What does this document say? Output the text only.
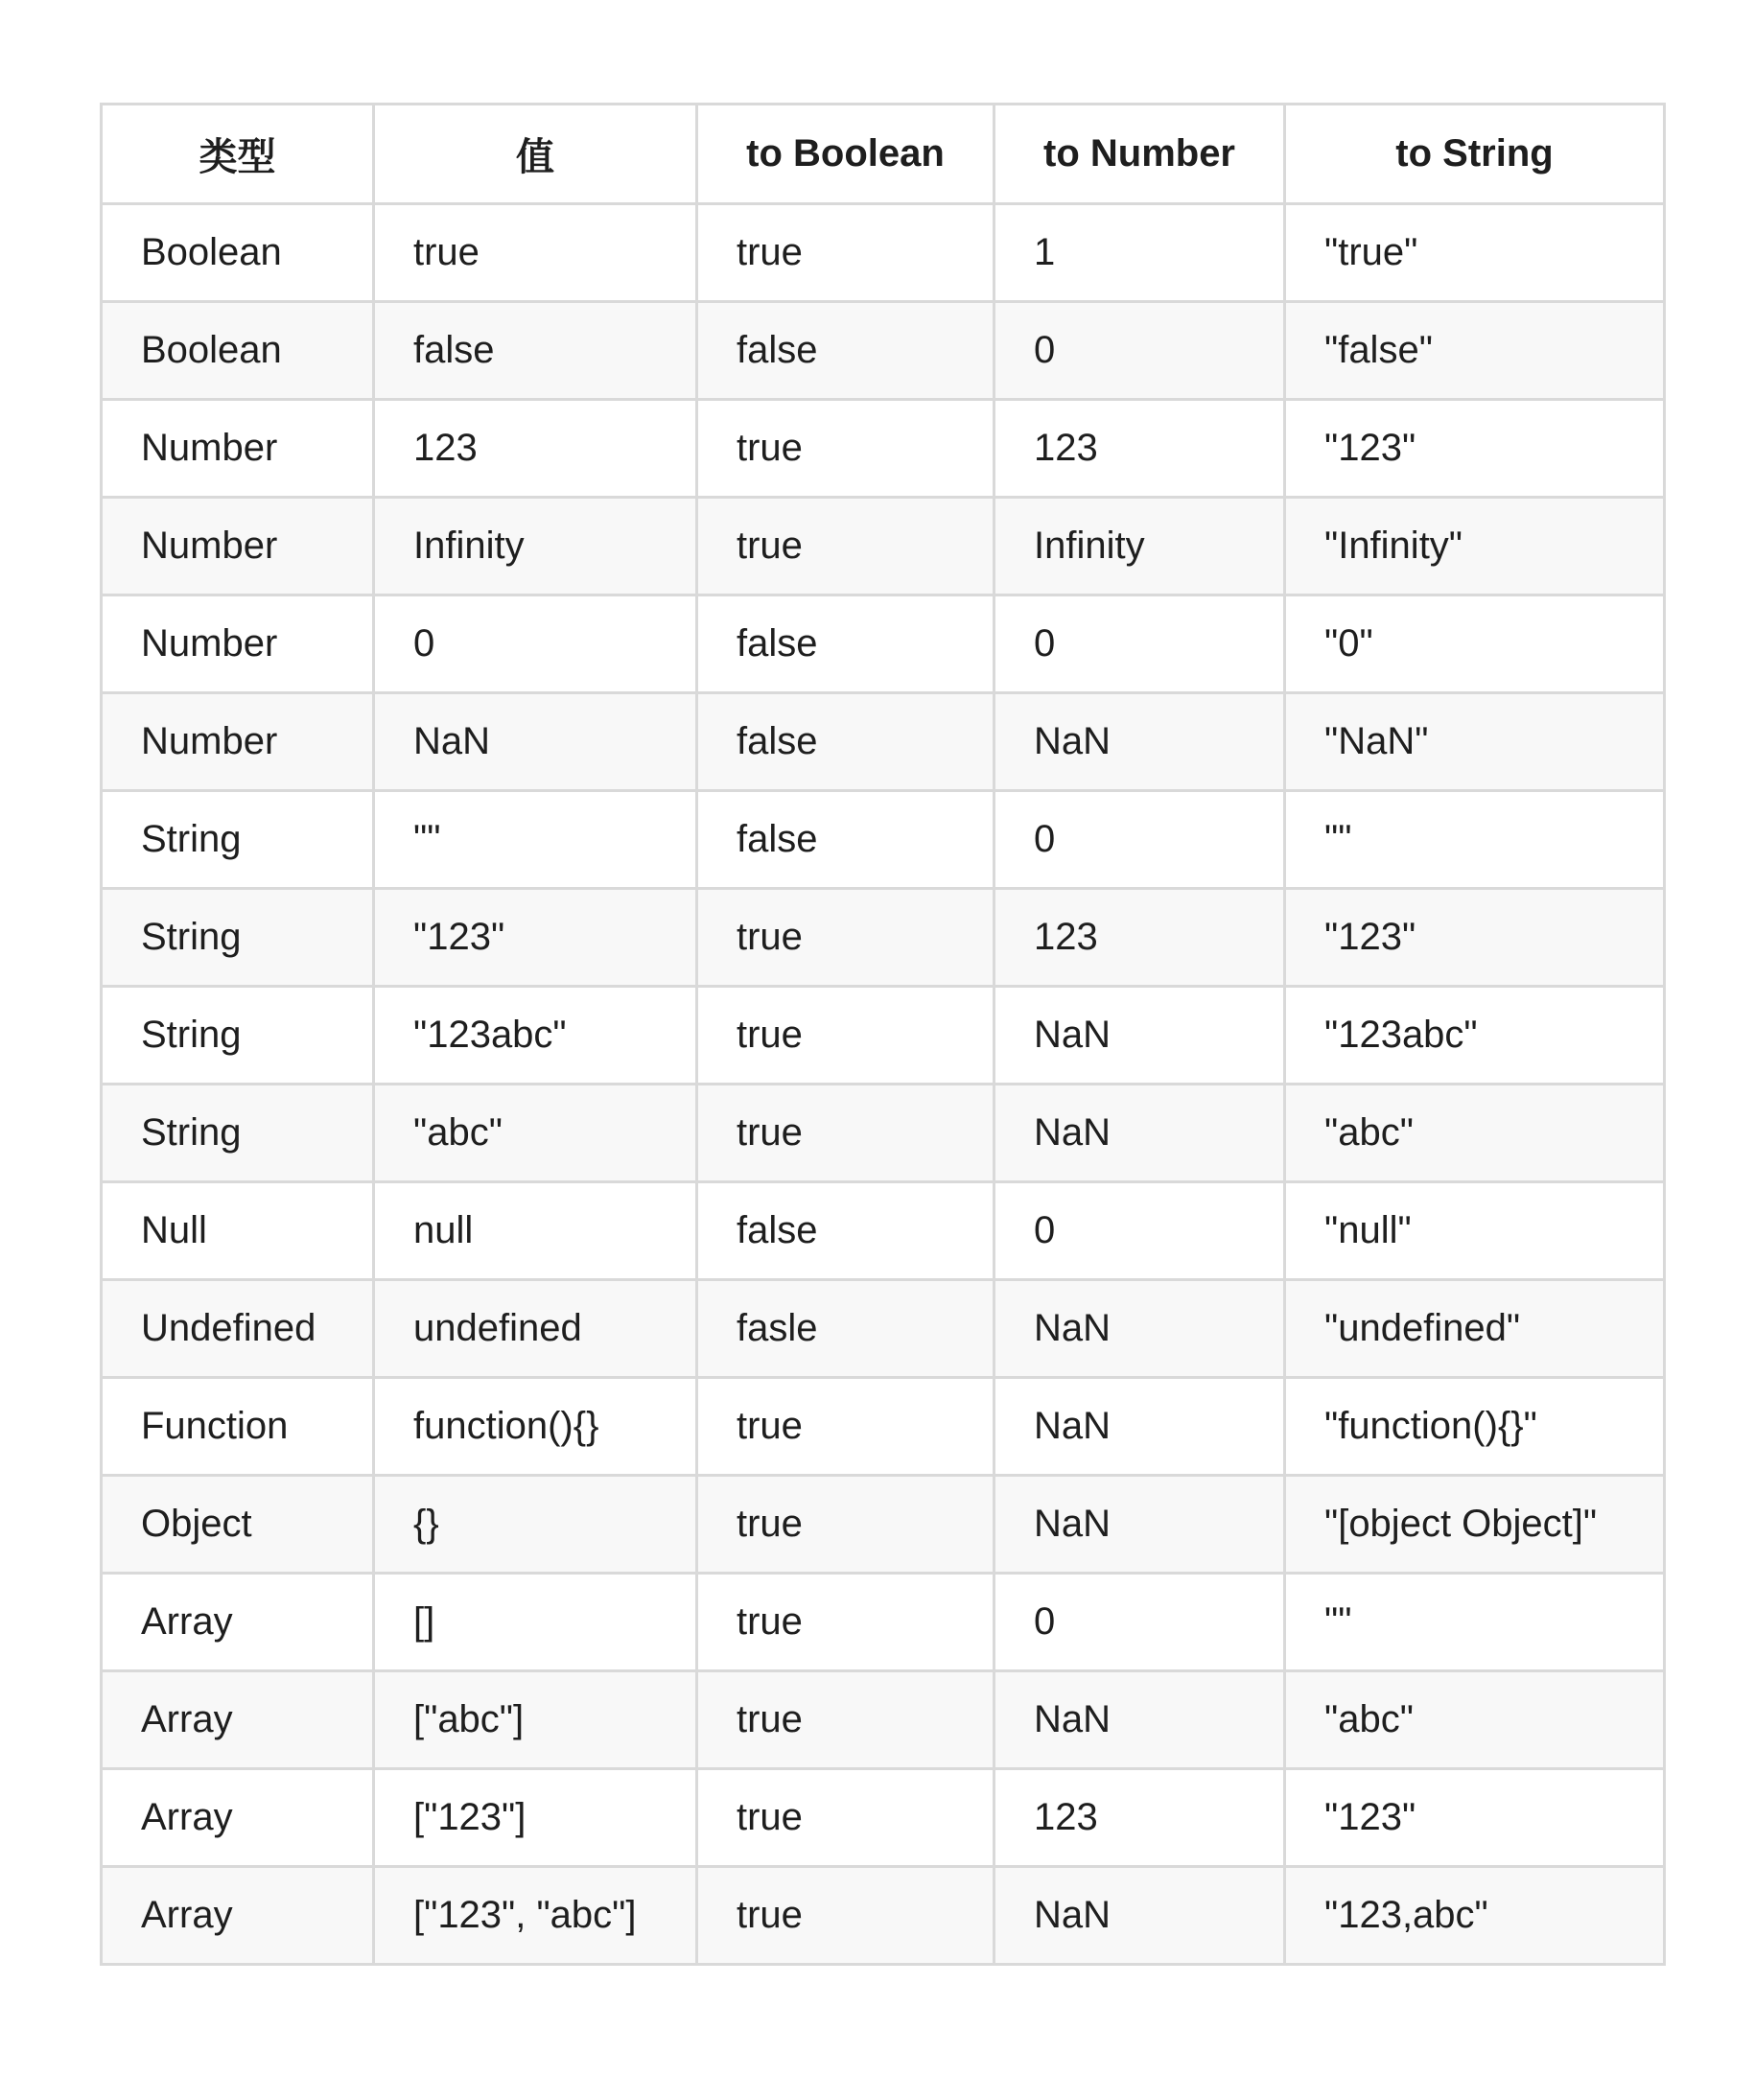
类型	值	to Boolean	to Number	to String
Boolean	true	true	1	"true"
Boolean	false	false	0	"false"
Number	123	true	123	"123"
Number	Infinity	true	Infinity	"Infinity"
Number	0	false	0	"0"
Number	NaN	false	NaN	"NaN"
String	""	false	0	""
String	"123"	true	123	"123"
String	"123abc"	true	NaN	"123abc"
String	"abc"	true	NaN	"abc"
Null	null	false	0	"null"
Undefined	undefined	fasle	NaN	"undefined"
Function	function(){}	true	NaN	"function(){}"
Object	{}	true	NaN	"[object Object]"
Array	[]	true	0	""
Array	["abc"]	true	NaN	"abc"
Array	["123"]	true	123	"123"
Array	["123", "abc"]	true	NaN	"123,abc"
